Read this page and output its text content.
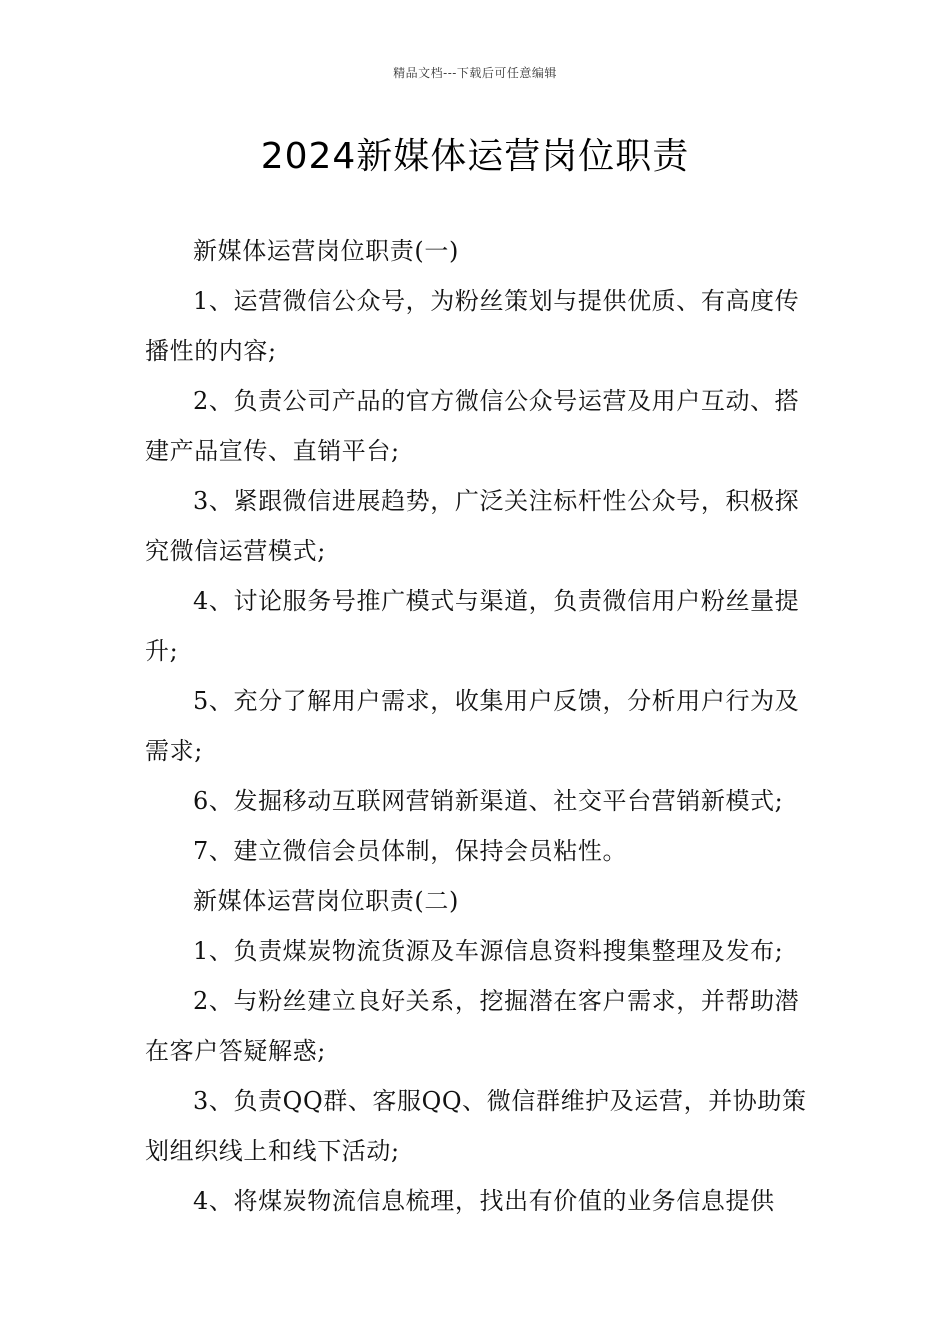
精品文档---下载后可任意编辑
2024新媒体运营岗位职责

新媒体运营岗位职责(一)

1、运营微信公众号，为粉丝策划与提供优质、有高度传播性的内容;

2、负责公司产品的官方微信公众号运营及用户互动、搭建产品宣传、直销平台;

3、紧跟微信进展趋势，广泛关注标杆性公众号，积极探究微信运营模式;

4、讨论服务号推广模式与渠道，负责微信用户粉丝量提升;

5、充分了解用户需求，收集用户反馈，分析用户行为及需求;

6、发掘移动互联网营销新渠道、社交平台营销新模式;

7、建立微信会员体制，保持会员粘性。

新媒体运营岗位职责(二)

1、负责煤炭物流货源及车源信息资料搜集整理及发布;

2、与粉丝建立良好关系，挖掘潜在客户需求，并帮助潜在客户答疑解惑;

3、负责QQ群、客服QQ、微信群维护及运营，并协助策划组织线上和线下活动;

4、将煤炭物流信息梳理，找出有价值的业务信息提供
